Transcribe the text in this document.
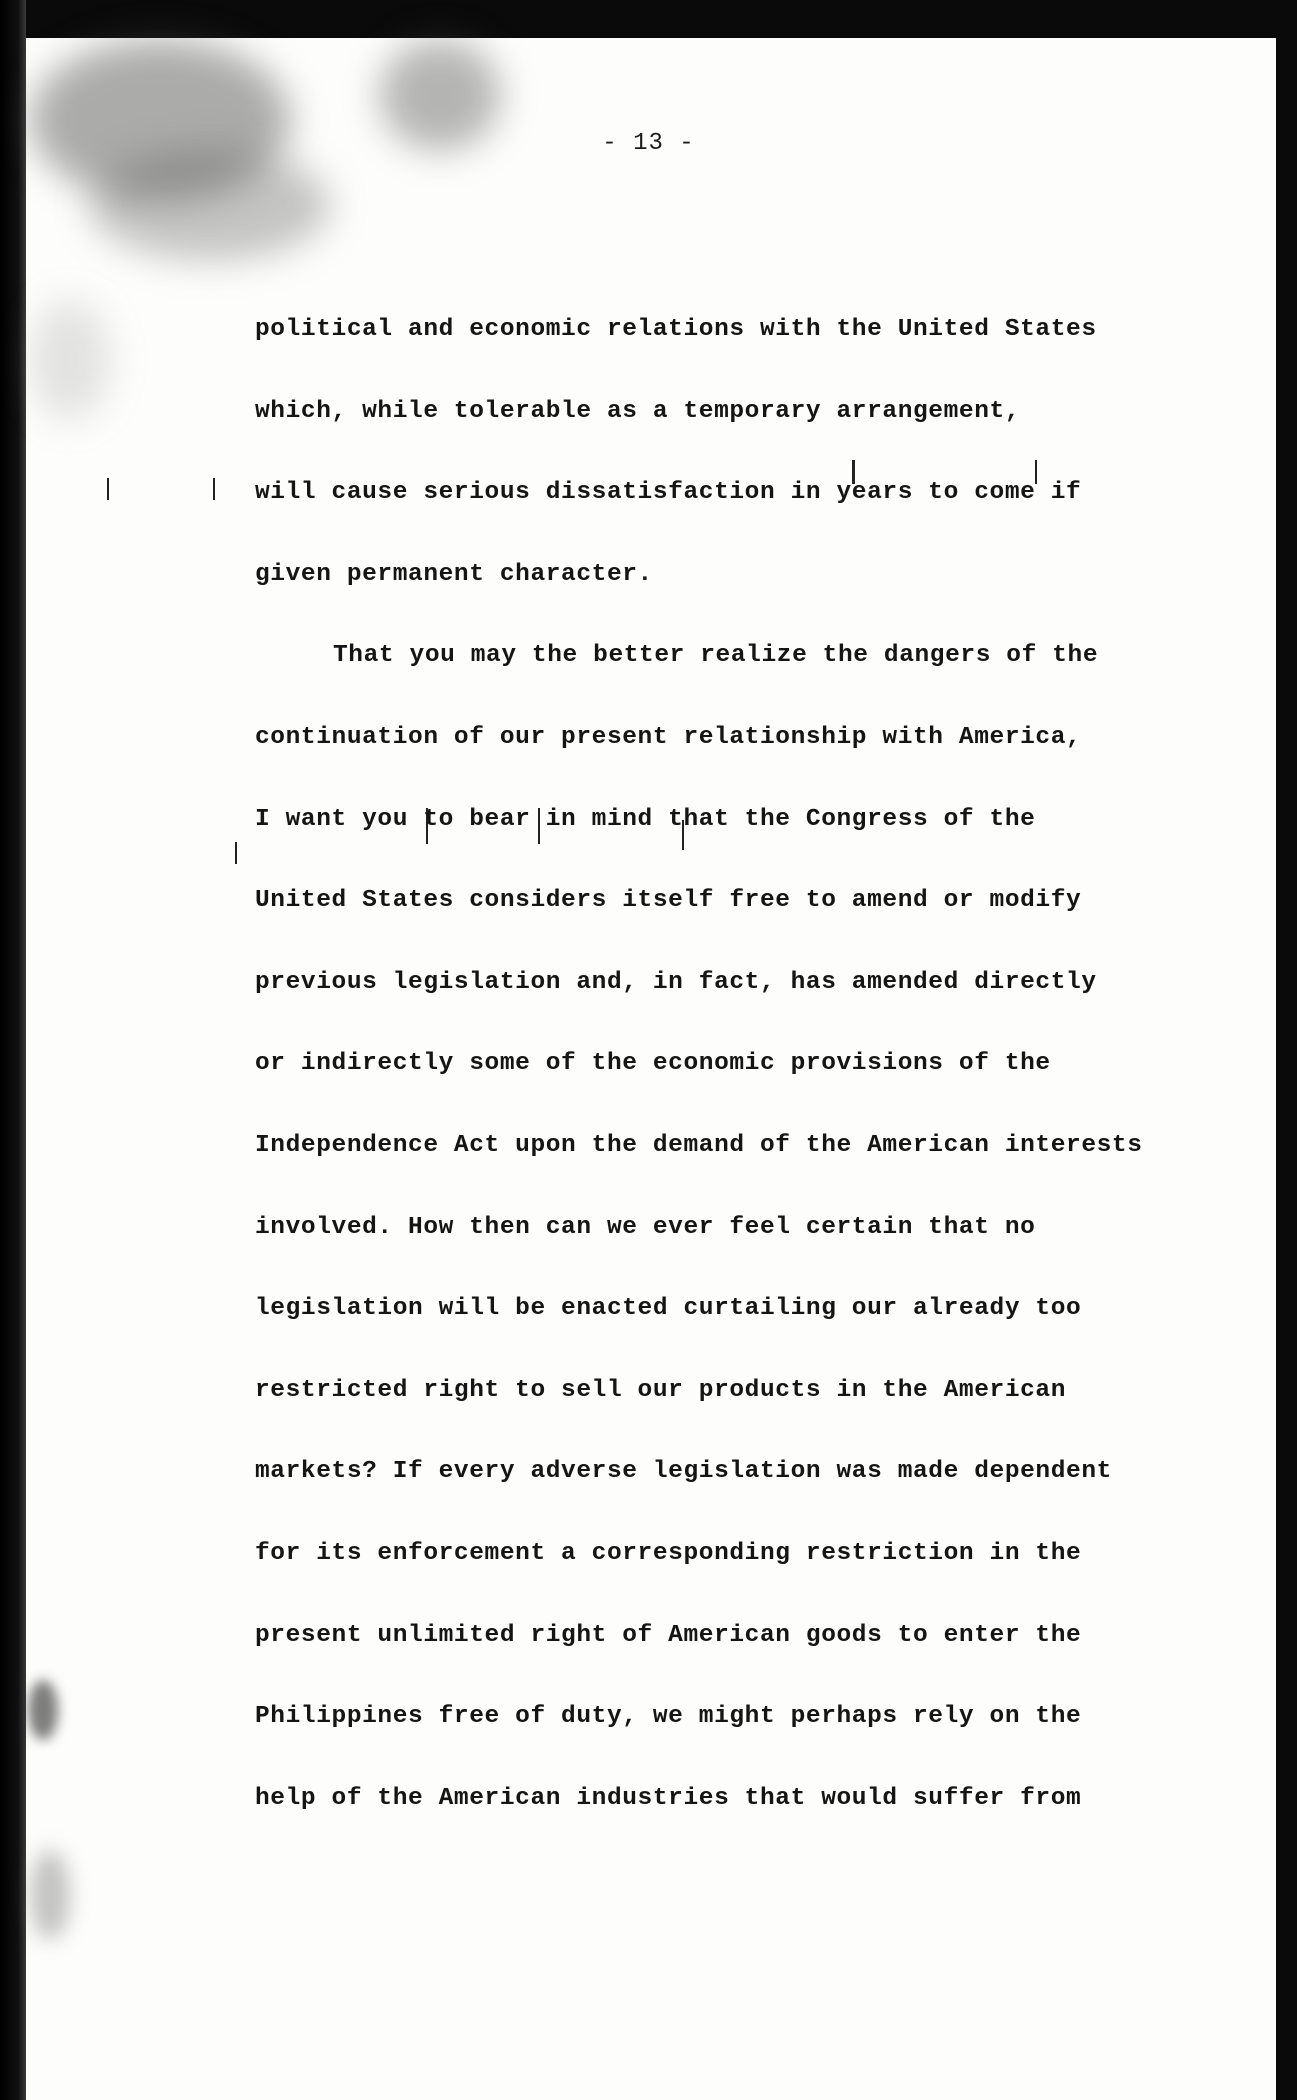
- 13 -
political and economic relations with the United States
which, while tolerable as a temporary arrangement,
will cause serious dissatisfaction in years to come if
given permanent character.
That you may the better realize the dangers of the
continuation of our present relationship with America,
I want you to bear in mind that the Congress of the
United States considers itself free to amend or modify
previous legislation and, in fact, has amended directly
or indirectly some of the economic provisions of the
Independence Act upon the demand of the American interests
involved. How then can we ever feel certain that no
legislation will be enacted curtailing our already too
restricted right to sell our products in the American
markets? If every adverse legislation was made dependent
for its enforcement a corresponding restriction in the
present unlimited right of American goods to enter the
Philippines free of duty, we might perhaps rely on the
help of the American industries that would suffer from
